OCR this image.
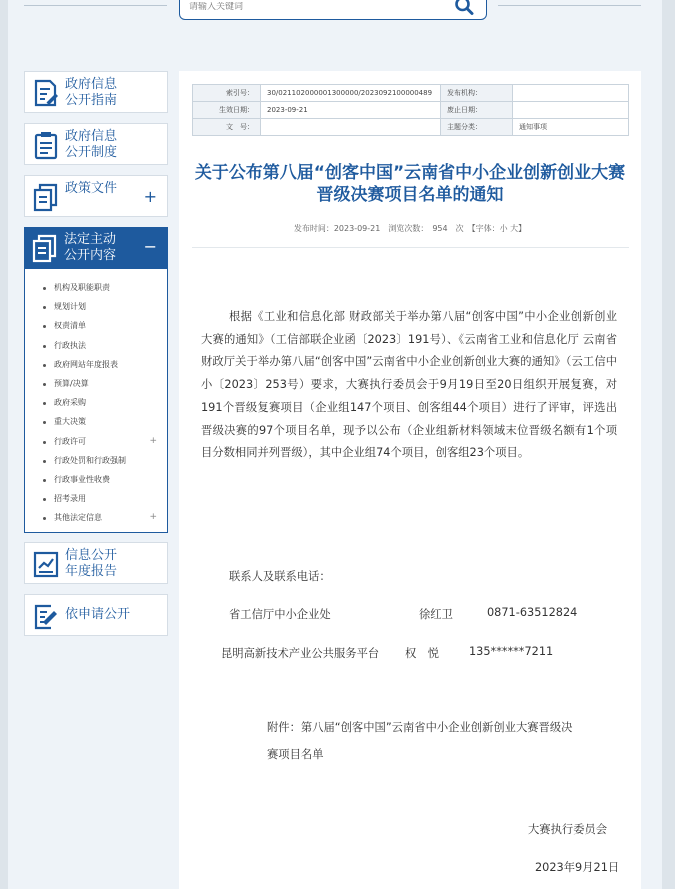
请输入关键词
政府信息
公开指南
政府信息
公开制度
政策文件 +
法定主动
公开内容 −
机构及职能职责
规划计划
权责清单
行政执法
政府网站年度报表
预算/决算
政府采购
重大决策
行政许可	+
行政处罚和行政强制
行政事业性收费
招考录用
其他法定信息	+
信息公开
年度报告
依申请公开
索引号：	30/021102000001300000/2023092100000489	发布机构：	
生效日期：	2023-09-21	废止日期：	
文　号：		主题分类：	通知事项
关于公布第八届“创客中国”云南省中小企业创新创业大赛晋级决赛项目名单的通知
发布时间：2023-09-21　浏览次数：　954　次　【字体：小 大】
根据《工业和信息化部 财政部关于举办第八届“创客中国”中小企业创新创业大赛的通知》（工信部联企业函〔2023〕191号）、《云南省工业和信息化厅 云南省财政厅关于举办第八届“创客中国”云南省中小企业创新创业大赛的通知》（云工信中小〔2023〕253号）要求，大赛执行委员会于9月19日至20日组织开展复赛，对191个晋级复赛项目（企业组147个项目、创客组44个项目）进行了评审，评选出晋级决赛的97个项目名单，现予以公布（企业组新材料领域末位晋级名额有1个项目分数相同并列晋级），其中企业组74个项目，创客组23个项目。
联系人及联系电话：
省工信厅中小企业处	徐红卫	0871-63512824
昆明高新技术产业公共服务平台 权　悦	135******7211
附件：第八届“创客中国”云南省中小企业创新创业大赛晋级决
赛项目名单
大赛执行委员会
2023年9月21日
